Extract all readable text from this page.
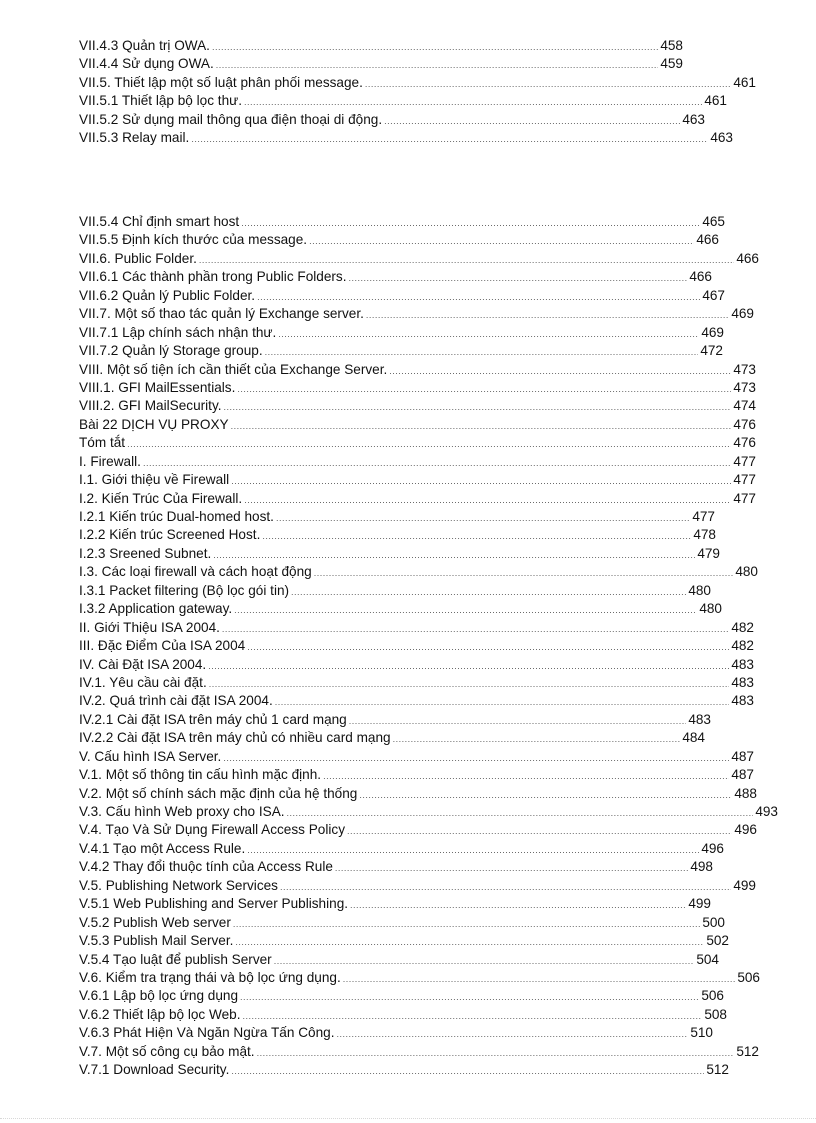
VII.4.3 Quản trị OWA. .....	458
VII.4.4 Sử dụng OWA. .....	459
VII.5. Thiết lập một số luật phân phối message. .....	461
VII.5.1 Thiết lập bộ lọc thư. .....	461
VII.5.2 Sử dụng mail thông qua điện thoại di động. .....	463
VII.5.3 Relay mail. .....	463
VII.5.4 Chỉ định smart host .....	465
VII.5.5 Định kích thước của message. .....	466
VII.6. Public Folder. .....	466
VII.6.1 Các thành phần trong Public Folders. .....	466
VII.6.2 Quản lý Public Folder. .....	467
VII.7. Một số thao tác quản lý Exchange server. .....	469
VII.7.1 Lập chính sách nhận thư. .....	469
VII.7.2 Quản lý Storage group. .....	472
VIII. Một số tiện ích cần thiết của Exchange Server. .....	473
VIII.1. GFI MailEssentials. .....	473
VIII.2. GFI MailSecurity. .....	474
Bài 22 DỊCH VỤ PROXY .....	476
Tóm tắt .....	476
I. Firewall. .....	477
I.1. Giới thiệu về Firewall .....	477
I.2. Kiến Trúc Của Firewall. .....	477
I.2.1 Kiến trúc Dual-homed host. .....	477
I.2.2 Kiến trúc Screened Host. .....	478
I.2.3 Sreened Subnet. .....	479
I.3. Các loại firewall và cách hoạt động .....	480
I.3.1 Packet filtering (Bộ lọc gói tin) .....	480
I.3.2 Application gateway. .....	480
II. Giới Thiệu ISA 2004. .....	482
III. Đặc Điểm Của ISA 2004 .....	482
IV. Cài Đặt ISA 2004. .....	483
IV.1. Yêu cầu cài đặt. .....	483
IV.2. Quá trình cài đặt ISA 2004. .....	483
IV.2.1 Cài đặt ISA trên máy chủ 1 card mạng .....	483
IV.2.2 Cài đặt ISA trên máy chủ có nhiều card mạng .....	484
V. Cấu hình ISA Server. .....	487
V.1. Một số thông tin cấu hình mặc định. .....	487
V.2. Một số chính sách mặc định của hệ thống .....	488
V.3. Cấu hình Web proxy cho ISA. .....	493
V.4. Tạo Và Sử Dụng Firewall Access Policy .....	496
V.4.1 Tạo một Access Rule. .....	496
V.4.2 Thay đổi thuộc tính của Access Rule .....	498
V.5. Publishing Network Services .....	499
V.5.1 Web Publishing and Server Publishing. .....	499
V.5.2 Publish Web server .....	500
V.5.3 Publish Mail Server. .....	502
V.5.4 Tạo luật để publish Server .....	504
V.6. Kiểm tra trạng thái và bộ lọc ứng dụng. .....	506
V.6.1 Lập bộ lọc ứng dụng .....	506
V.6.2 Thiết lập bộ lọc Web. .....	508
V.6.3 Phát Hiện Và Ngăn Ngừa Tấn Công. .....	510
V.7. Một số công cụ bảo mật. .....	512
V.7.1 Download Security. .....	512
